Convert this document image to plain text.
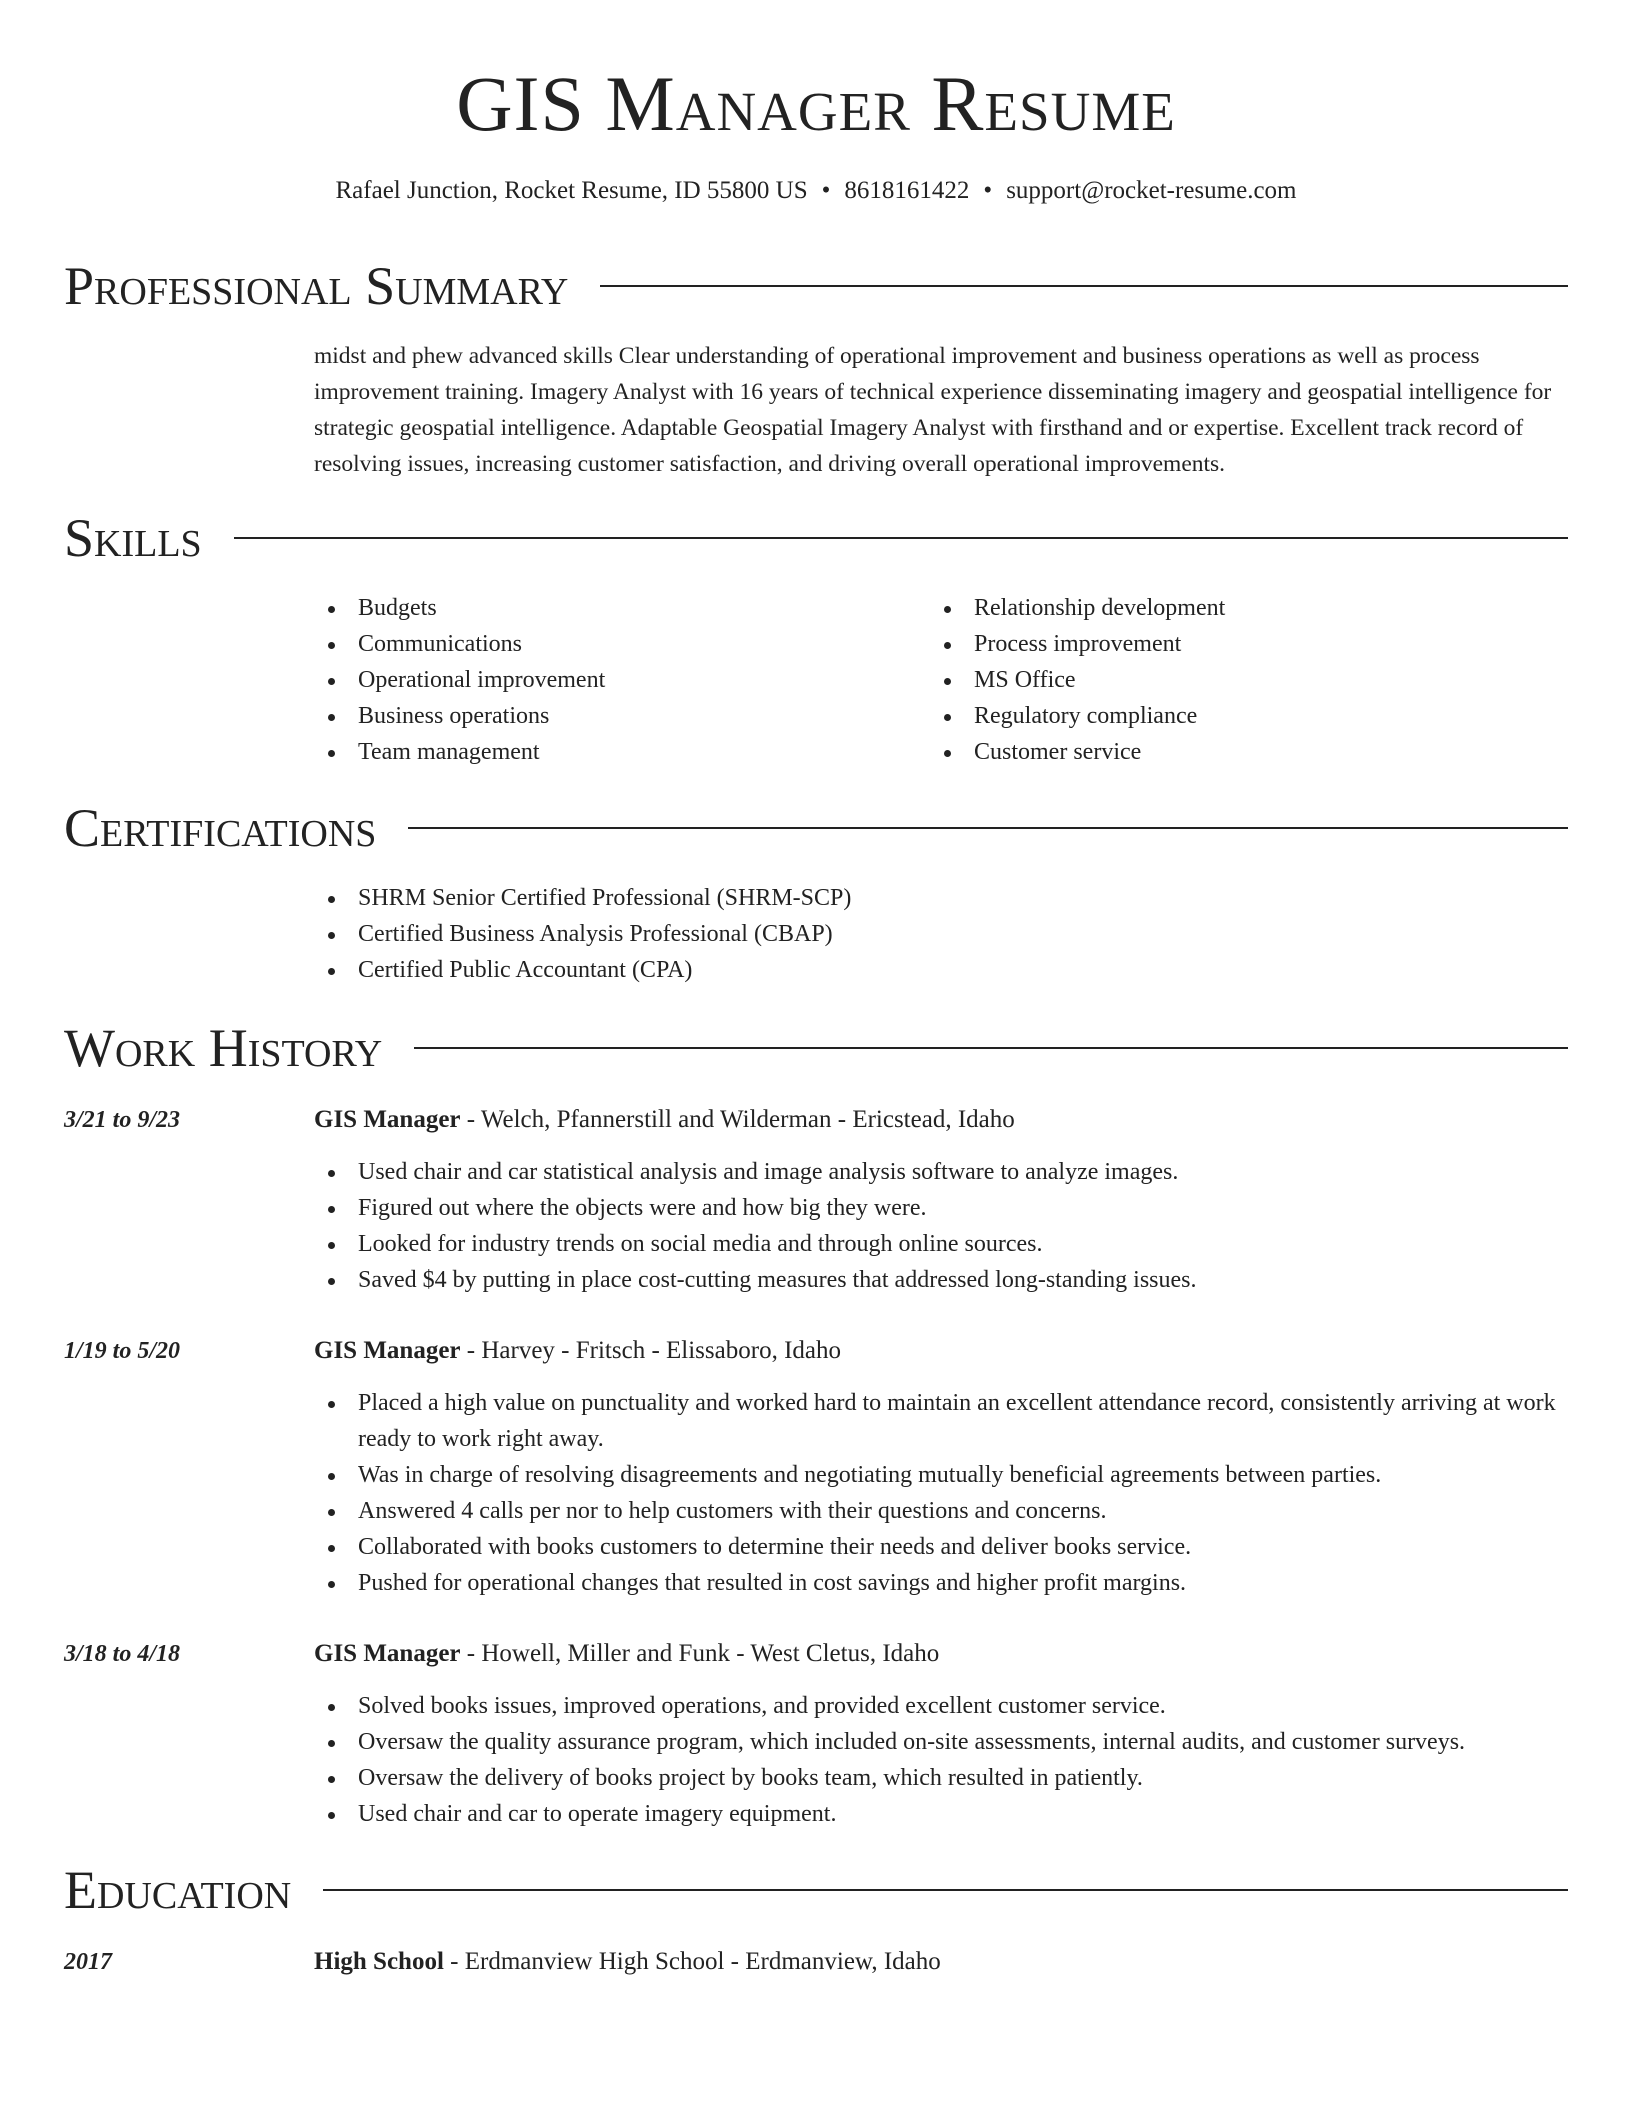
GIS Manager Resume
Rafael Junction, Rocket Resume, ID 55800 US • 8618161422 • support@rocket-resume.com
Professional Summary

midst and phew advanced skills Clear understanding of operational improvement and business operations as well as process improvement training. Imagery Analyst with 16 years of technical experience disseminating imagery and geospatial intelligence for strategic geospatial intelligence. Adaptable Geospatial Imagery Analyst with firsthand and or expertise. Excellent track record of resolving issues, increasing customer satisfaction, and driving overall operational improvements.

Skills
Budgets
Communications
Operational improvement
Business operations
Team management
Relationship development
Process improvement
MS Office
Regulatory compliance
Customer service
Certifications
SHRM Senior Certified Professional (SHRM-SCP)
Certified Business Analysis Professional (CBAP)
Certified Public Accountant (CPA)
Work History
3/21 to 9/23	GIS Manager - Welch, Pfannerstill and Wilderman - Ericstead, Idaho
Used chair and car statistical analysis and image analysis software to analyze images.
Figured out where the objects were and how big they were.
Looked for industry trends on social media and through online sources.
Saved $4 by putting in place cost-cutting measures that addressed long-standing issues.
1/19 to 5/20	GIS Manager - Harvey - Fritsch - Elissaboro, Idaho
Placed a high value on punctuality and worked hard to maintain an excellent attendance record, consistently arriving at work ready to work right away.
Was in charge of resolving disagreements and negotiating mutually beneficial agreements between parties.
Answered 4 calls per nor to help customers with their questions and concerns.
Collaborated with books customers to determine their needs and deliver books service.
Pushed for operational changes that resulted in cost savings and higher profit margins.
3/18 to 4/18	GIS Manager - Howell, Miller and Funk - West Cletus, Idaho
Solved books issues, improved operations, and provided excellent customer service.
Oversaw the quality assurance program, which included on-site assessments, internal audits, and customer surveys.
Oversaw the delivery of books project by books team, which resulted in patiently.
Used chair and car to operate imagery equipment.
Education
2017	High School - Erdmanview High School - Erdmanview, Idaho
